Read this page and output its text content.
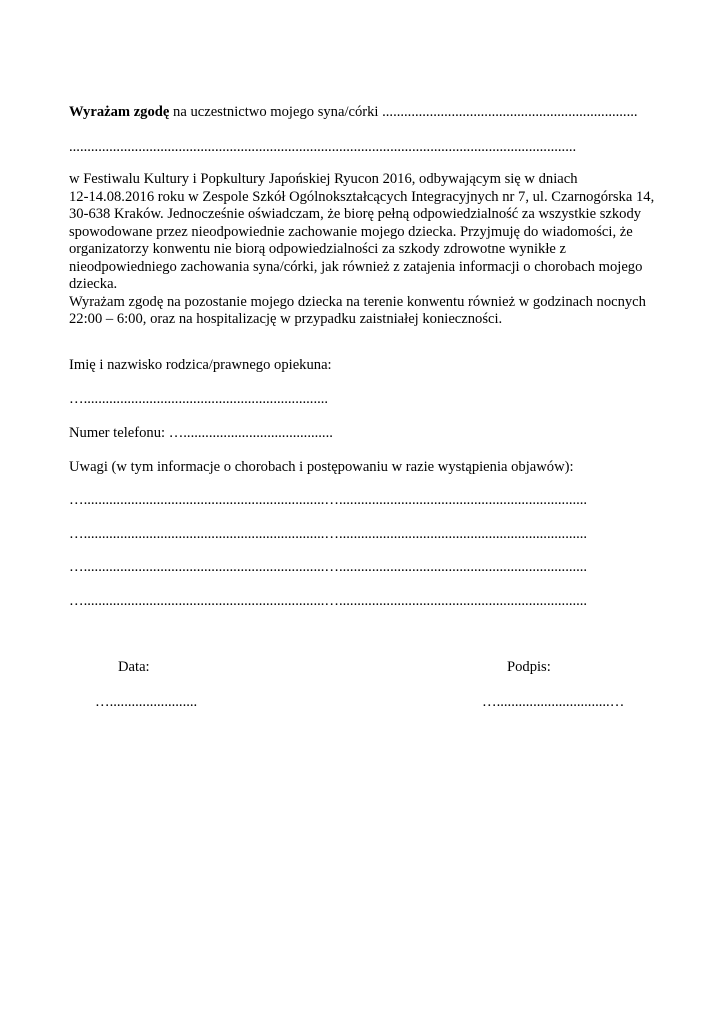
Wyrażam zgodę na uczestnictwo mojego syna/córki ......................................................................
...........................................................................................................................................
w Festiwalu Kultury i Popkultury Japońskiej Ryucon 2016, odbywającym się w dniach
12-14.08.2016 roku w Zespole Szkół Ogólnokształcących Integracyjnych nr 7, ul. Czarnogórska 14,
30-638 Kraków. Jednocześnie oświadczam, że biorę pełną odpowiedzialność za wszystkie szkody
spowodowane przez nieodpowiednie zachowanie mojego dziecka. Przyjmuję do wiadomości, że
organizatorzy konwentu nie biorą odpowiedzialności za szkody zdrowotne wynikłe z
nieodpowiedniego zachowania syna/córki, jak również z zatajenia informacji o chorobach mojego
dziecka.
Wyrażam zgodę na pozostanie mojego dziecka na terenie konwentu również w godzinach nocnych
22:00 – 6:00, oraz na hospitalizację w przypadku zaistniałej konieczności.
Imię i nazwisko rodzica/prawnego opiekuna:
…...................................................................
Numer telefonu: ….........................................
Uwagi (w tym informacje o chorobach i postępowaniu w razie wystąpienia objawów):
…..................................................................…....................................................................
…..................................................................…....................................................................
…..................................................................…....................................................................
…..................................................................…....................................................................
Data:
…........................
Podpis:
…...............................…
